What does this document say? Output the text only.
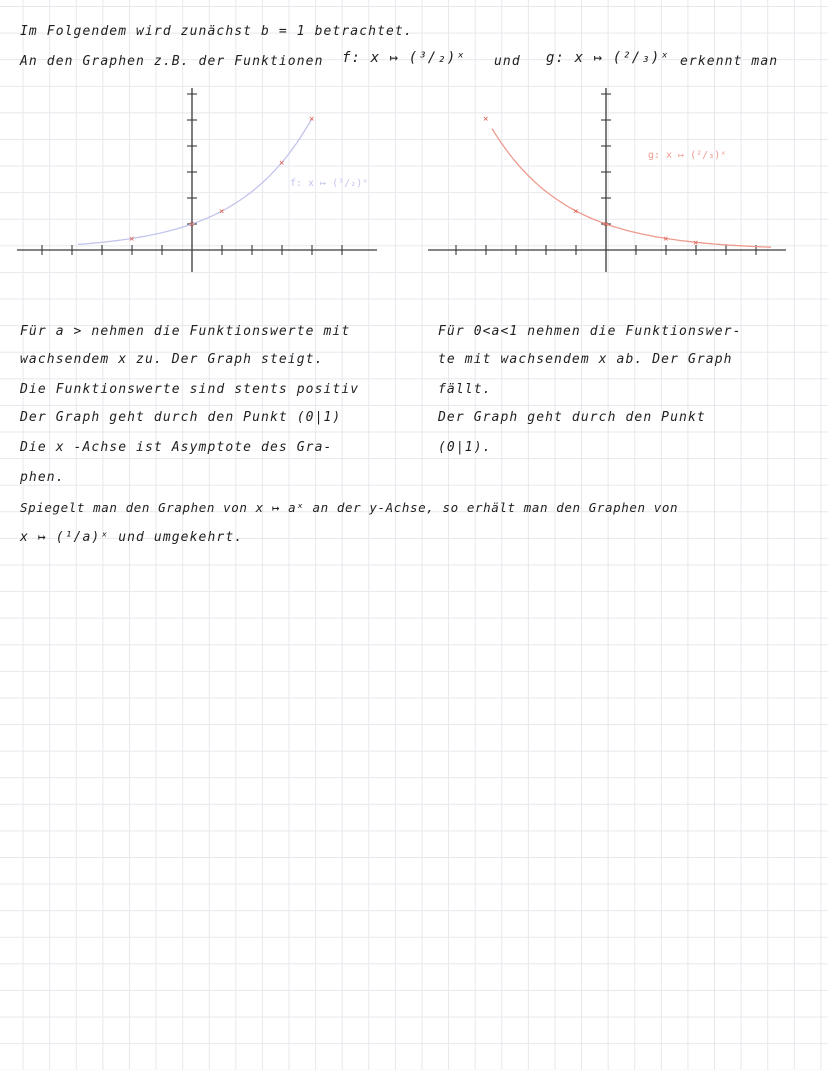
Im Folgendem wird zunächst b = 1 betrachtet.
An den Graphen z.B. der Funktionen f: x ↦ (³/₂)ˣ und g: x ↦ (²/₃)ˣ erkennt man
×
×
×
×
×
f: x ↦ (³/₂)ˣ
×
×
×
×	×
g: x ↦ (²/₃)ˣ
Für a > nehmen die Funktionswerte mit
wachsendem x zu. Der Graph steigt.
Die Funktionswerte sind stents positiv
Der Graph geht durch den Punkt (0|1)
Die x -Achse ist Asymptote des Gra-
Für 0<a<1 nehmen die Funktionswer-
te mit wachsendem x ab. Der Graph
fällt.
Der Graph geht durch den Punkt
(0|1).
phen.
Spiegelt man den Graphen von x ↦ aˣ an der y-Achse, so erhält man den Graphen von
x ↦ (¹/a)ˣ und umgekehrt.
